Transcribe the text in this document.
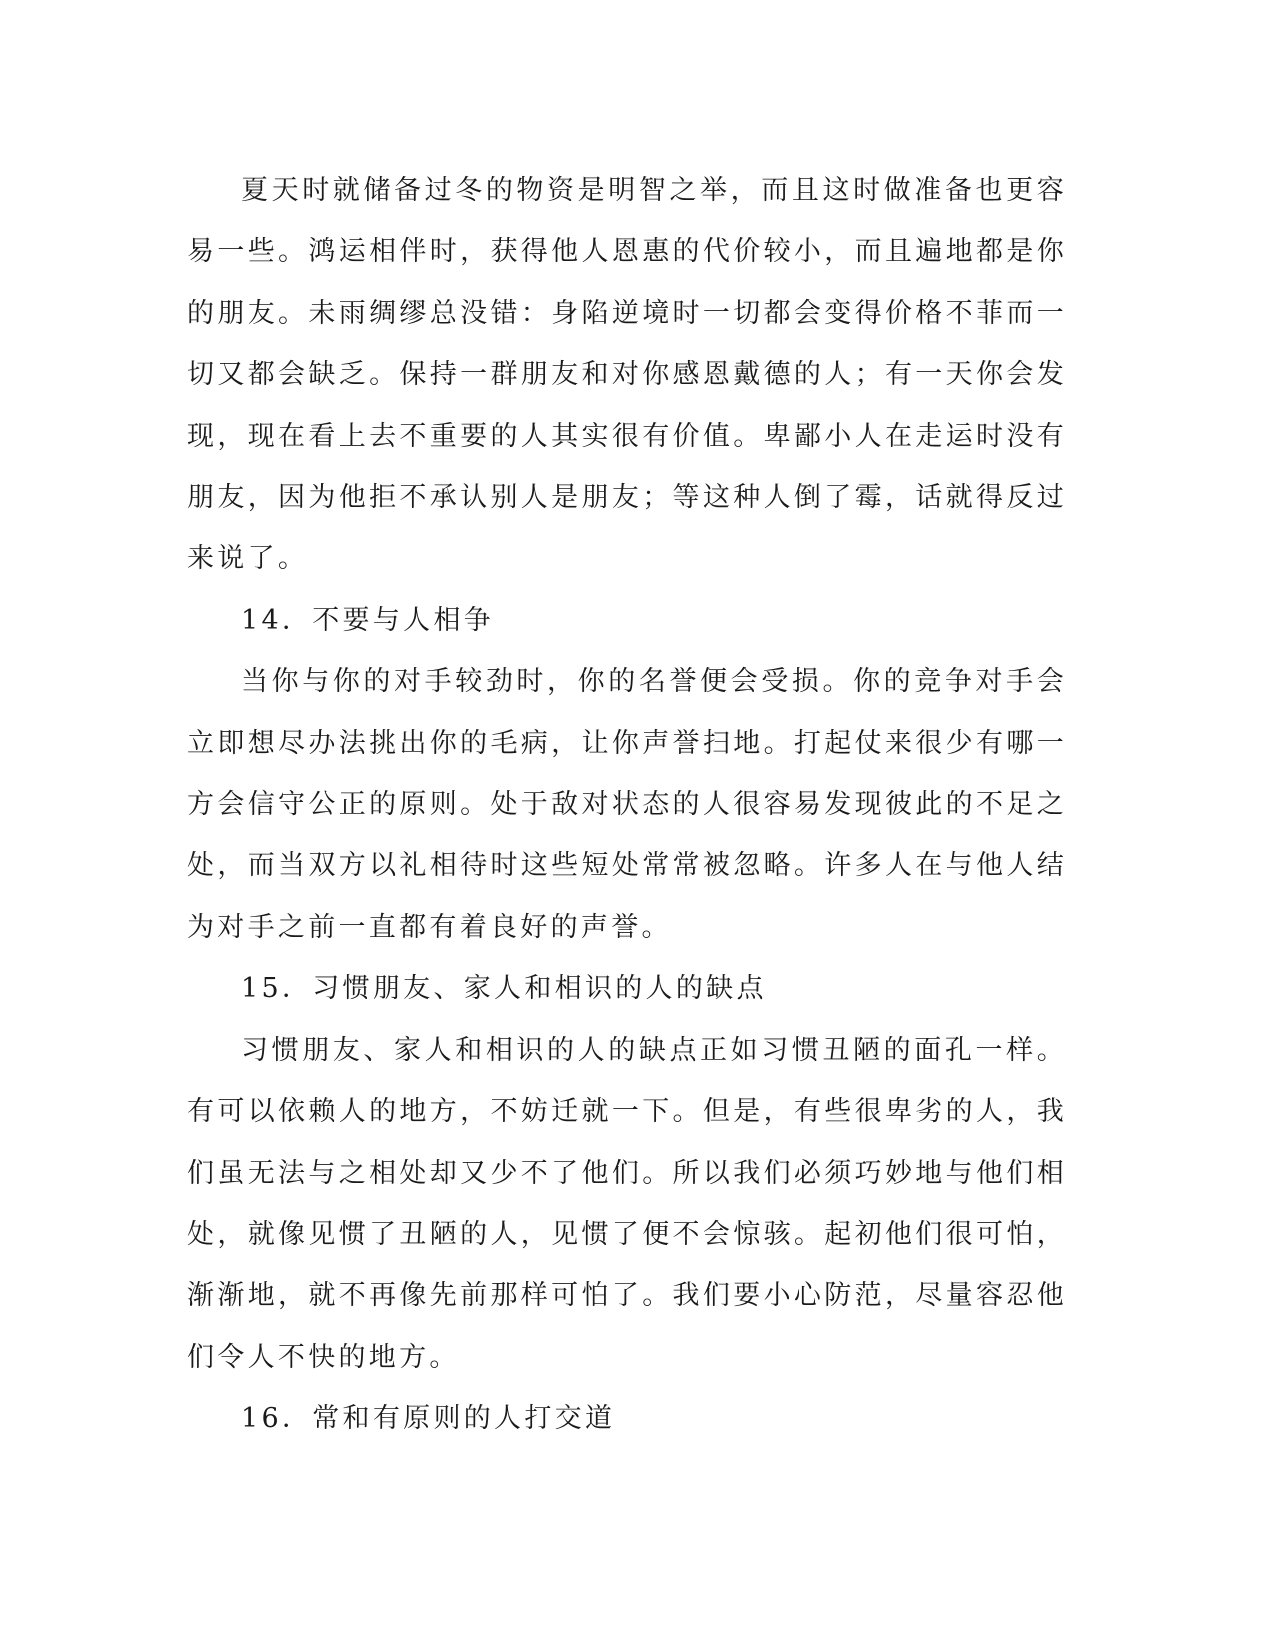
夏天时就储备过冬的物资是明智之举，而且这时做准备也更容易一些。鸿运相伴时，获得他人恩惠的代价较小，而且遍地都是你的朋友。未雨绸缪总没错：身陷逆境时一切都会变得价格不菲而一切又都会缺乏。保持一群朋友和对你感恩戴德的人；有一天你会发现，现在看上去不重要的人其实很有价值。卑鄙小人在走运时没有朋友，因为他拒不承认别人是朋友；等这种人倒了霉，话就得反过来说了。

14．不要与人相争

当你与你的对手较劲时，你的名誉便会受损。你的竞争对手会立即想尽办法挑出你的毛病，让你声誉扫地。打起仗来很少有哪一方会信守公正的原则。处于敌对状态的人很容易发现彼此的不足之处，而当双方以礼相待时这些短处常常被忽略。许多人在与他人结为对手之前一直都有着良好的声誉。

15．习惯朋友、家人和相识的人的缺点

习惯朋友、家人和相识的人的缺点正如习惯丑陋的面孔一样。有可以依赖人的地方，不妨迁就一下。但是，有些很卑劣的人，我们虽无法与之相处却又少不了他们。所以我们必须巧妙地与他们相处，就像见惯了丑陋的人，见惯了便不会惊骇。起初他们很可怕，渐渐地，就不再像先前那样可怕了。我们要小心防范，尽量容忍他们令人不快的地方。

16．常和有原则的人打交道
